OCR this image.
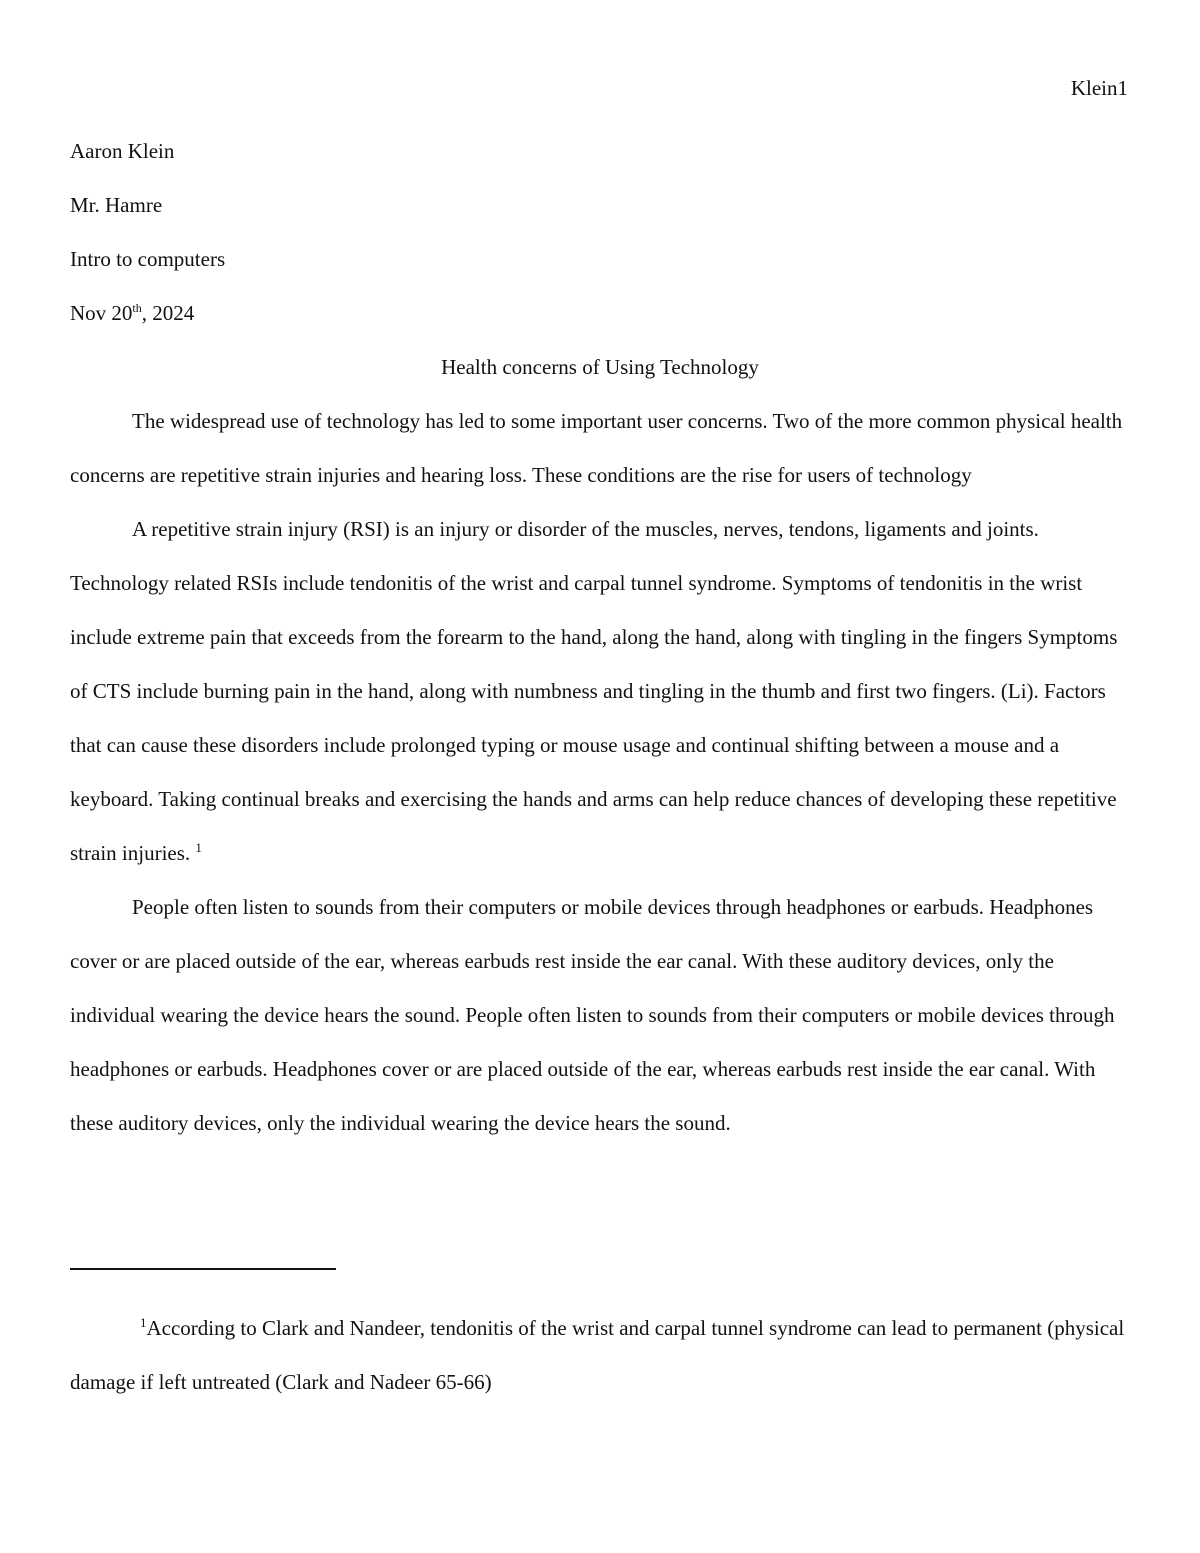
Klein1

Aaron Klein

Mr. Hamre

Intro to computers

Nov 20th, 2024

Health concerns of Using Technology

The widespread use of technology has led to some important user concerns. Two of the more common physical health concerns are repetitive strain injuries and hearing loss. These conditions are the rise for users of technology

A repetitive strain injury (RSI) is an injury or disorder of the muscles, nerves, tendons, ligaments and joints. Technology related RSIs include tendonitis of the wrist and carpal tunnel syndrome. Symptoms of tendonitis in the wrist include extreme pain that exceeds from the forearm to the hand, along the hand, along with tingling in the fingers Symptoms of CTS include burning pain in the hand, along with numbness and tingling in the thumb and first two fingers. (Li). Factors that can cause these disorders include prolonged typing or mouse usage and continual shifting between a mouse and a keyboard. Taking continual breaks and exercising the hands and arms can help reduce chances of developing these repetitive strain injuries. $^1$

People often listen to sounds from their computers or mobile devices through headphones or earbuds. Headphones cover or are placed outside of the ear, whereas earbuds rest inside the ear canal. With these auditory devices, only the individual wearing the device hears the sound. People often listen to sounds from their computers or mobile devices through headphones or earbuds. Headphones cover or are placed outside of the ear, whereas earbuds rest inside the ear canal. With these auditory devices, only the individual wearing the device hears the sound.

$^1$According to Clark and Nandeer, tendonitis of the wrist and carpal tunnel syndrome can lead to permanent (physical damage if left untreated (Clark and Nadeer 65-66)
